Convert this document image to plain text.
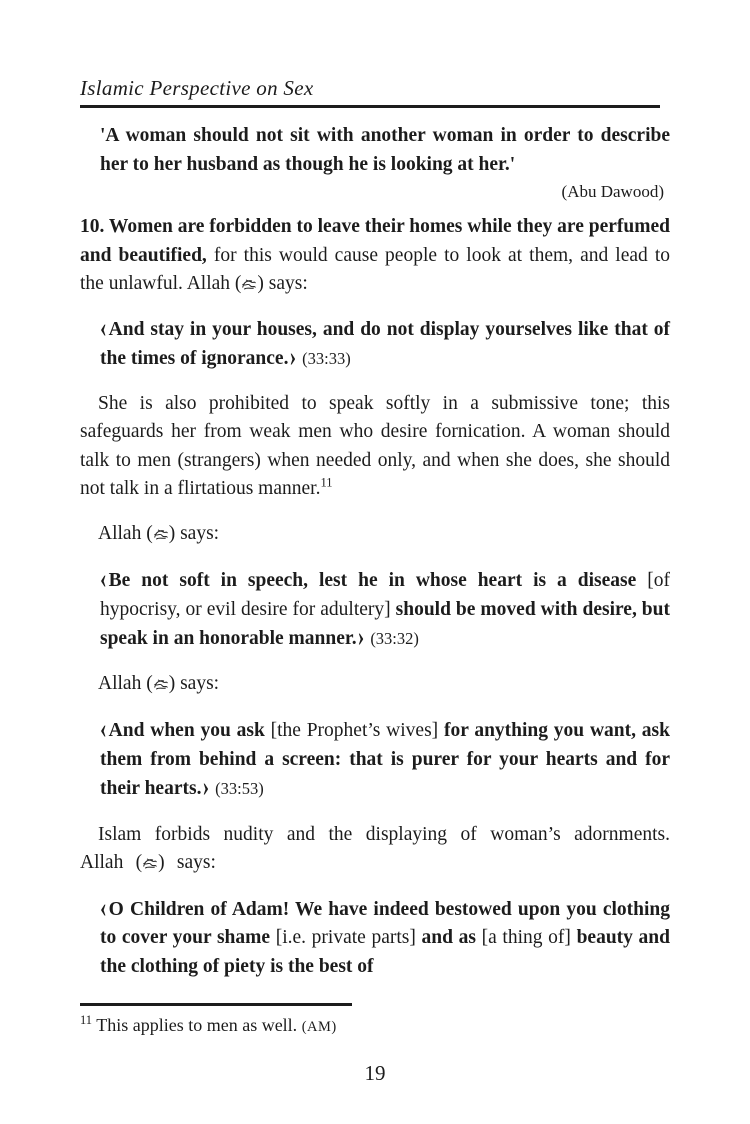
Islamic Perspective on Sex

'A woman should not sit with another woman in order to describe her to her husband as though he is looking at her.'

(Abu Dawood)

10. Women are forbidden to leave their homes while they are perfumed and beautified, for this would cause people to look at them, and lead to the unlawful. Allah ( ) says:

‹ And stay in your houses, and do not display yourselves like that of the times of ignorance.› (33:33)

She is also prohibited to speak softly in a submissive tone; this safeguards her from weak men who desire fornication. A woman should talk to men (strangers) when needed only, and when she does, she should not talk in a flirtatious manner.$^{11}$

Allah ( ) says:

‹ Be not soft in speech, lest he in whose heart is a disease [of hypocrisy, or evil desire for adultery] should be moved with desire, but speak in an honorable manner.› (33:32)

Allah ( ) says:

‹ And when you ask [the Prophet’s wives] for anything you want, ask them from behind a screen: that is purer for your hearts and for their hearts.› (33:53)

Islam forbids nudity and the displaying of woman’s adornments. Allah ( ) says:

‹ O Children of Adam! We have indeed bestowed upon you clothing to cover your shame [i.e. private parts] and as [a thing of] beauty and the clothing of piety is the best of

$^{11}$ This applies to men as well. (AM)

19
